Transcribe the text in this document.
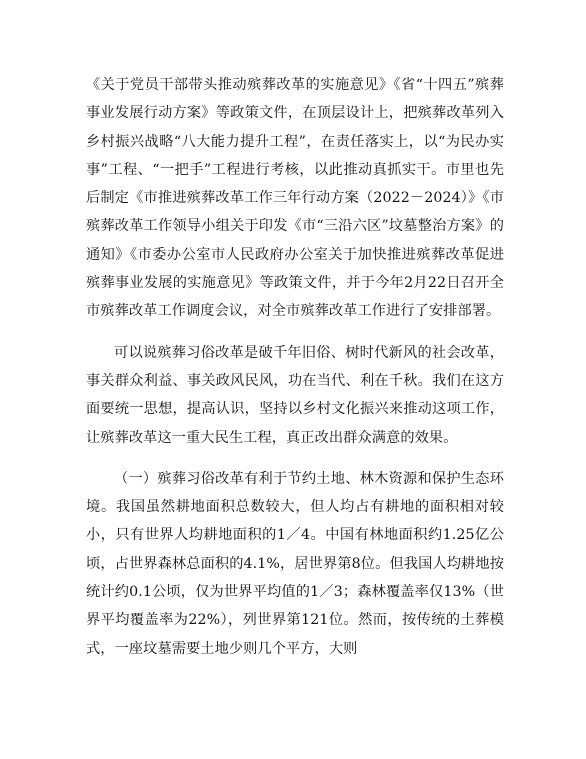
《关于党员干部带头推动殡葬改革的实施意见》《省“十四五”殡葬事业发展行动方案》等政策文件，在顶层设计上，把殡葬改革列入乡村振兴战略“八大能力提升工程”，在责任落实上，以“为民办实事”工程、“一把手”工程进行考核，以此推动真抓实干。市里也先后制定《市推进殡葬改革工作三年行动方案（2022－2024）》《市殡葬改革工作领导小组关于印发《市“三沿六区”坟墓整治方案》的通知》《市委办公室市人民政府办公室关于加快推进殡葬改革促进殡葬事业发展的实施意见》等政策文件，并于今年2月22日召开全市殡葬改革工作调度会议，对全市殡葬改革工作进行了安排部署。

可以说殡葬习俗改革是破千年旧俗、树时代新风的社会改革，事关群众利益、事关政风民风，功在当代、利在千秋。我们在这方面要统一思想，提高认识，坚持以乡村文化振兴来推动这项工作，让殡葬改革这一重大民生工程，真正改出群众满意的效果。

（一）殡葬习俗改革有利于节约土地、林木资源和保护生态环境。我国虽然耕地面积总数较大，但人均占有耕地的面积相对较小，只有世界人均耕地面积的1／4。中国有林地面积约1.25亿公顷，占世界森林总面积的4.1%，居世界第8位。但我国人均耕地按统计约0.1公顷，仅为世界平均值的1／3；森林覆盖率仅13%（世界平均覆盖率为22%），列世界第121位。然而，按传统的土葬模式，一座坟墓需要土地少则几个平方，大则
